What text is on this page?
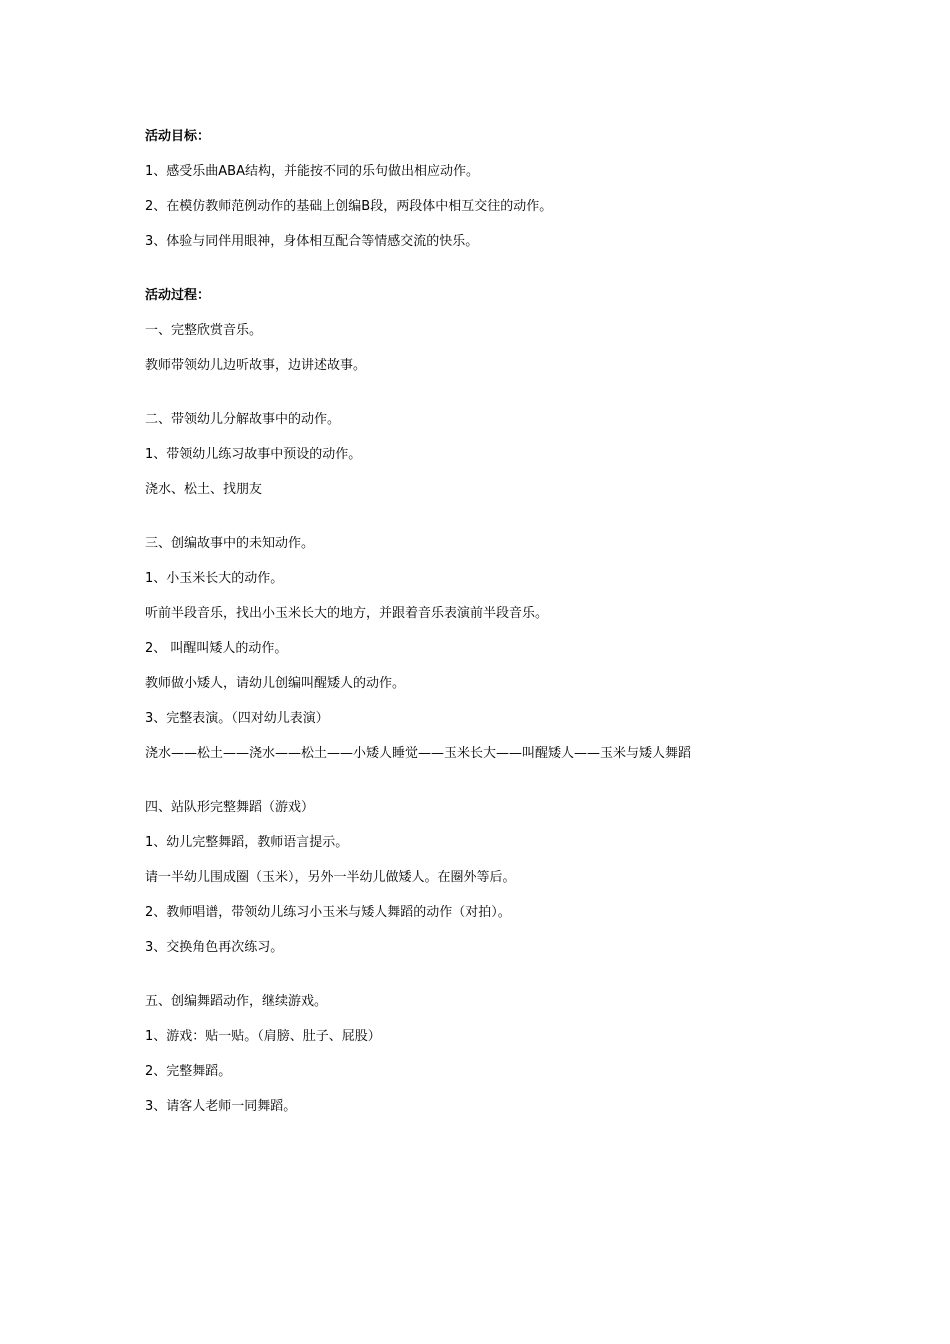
活动目标：
1、感受乐曲ABA结构，并能按不同的乐句做出相应动作。
2、在模仿教师范例动作的基础上创编B段，两段体中相互交往的动作。
3、体验与同伴用眼神，身体相互配合等情感交流的快乐。
活动过程：
一、完整欣赏音乐。
教师带领幼儿边听故事，边讲述故事。
二、带领幼儿分解故事中的动作。
1、带领幼儿练习故事中预设的动作。
浇水、松土、找朋友
三、创编故事中的未知动作。
1、小玉米长大的动作。
听前半段音乐，找出小玉米长大的地方，并跟着音乐表演前半段音乐。
2、 叫醒叫矮人的动作。
教师做小矮人，请幼儿创编叫醒矮人的动作。
3、完整表演。（四对幼儿表演）
浇水——松土——浇水——松土——小矮人睡觉——玉米长大——叫醒矮人——玉米与矮人舞蹈
四、站队形完整舞蹈（游戏）
1、幼儿完整舞蹈，教师语言提示。
请一半幼儿围成圈（玉米），另外一半幼儿做矮人。在圈外等后。
2、教师唱谱，带领幼儿练习小玉米与矮人舞蹈的动作（对拍）。
3、交换角色再次练习。
五、创编舞蹈动作，继续游戏。
1、游戏：贴一贴。（肩膀、肚子、屁股）
2、完整舞蹈。
3、请客人老师一同舞蹈。
